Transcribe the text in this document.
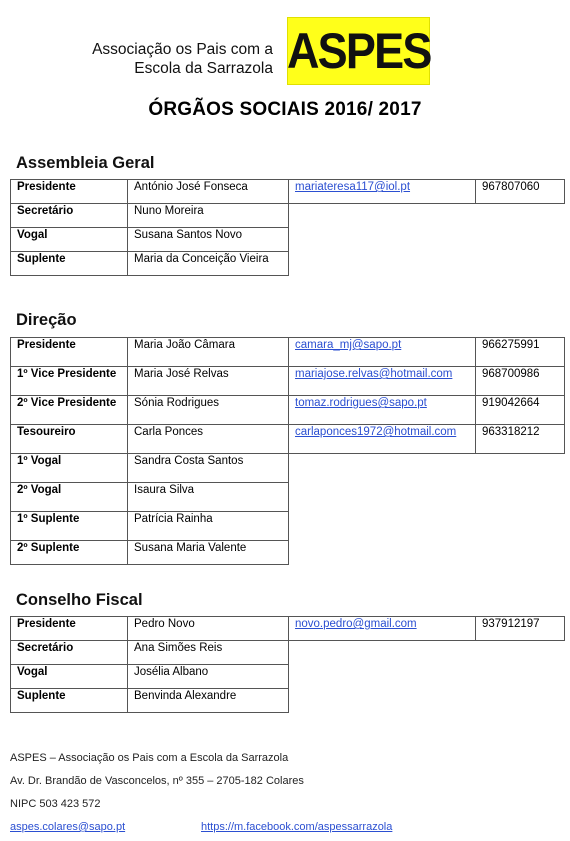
Associação os Pais com a
Escola da Sarrazola ASPES
ÓRGÃOS SOCIAIS 2016/ 2017
Assembleia Geral
Presidente	António José Fonseca	mariateresa117@iol.pt	967807060
Secretário	Nuno Moreira		
Vogal	Susana Santos Novo		
Suplente	Maria da Conceição Vieira		
Direção
Presidente	Maria João Câmara	camara_mj@sapo.pt	966275991
1º Vice Presidente	Maria José Relvas	mariajose.relvas@hotmail.com	968700986
2º Vice Presidente	Sónia Rodrigues	tomaz.rodrigues@sapo.pt	919042664
Tesoureiro	Carla Ponces	carlaponces1972@hotmail.com	963318212
1º Vogal	Sandra Costa Santos		
2º Vogal	Isaura Silva		
1º Suplente	Patrícia Rainha		
2º Suplente	Susana Maria Valente		
Conselho Fiscal
Presidente	Pedro Novo	novo.pedro@gmail.com	937912197
Secretário	Ana Simões Reis		
Vogal	Josélia Albano		
Suplente	Benvinda Alexandre		
ASPES – Associação os Pais com a Escola da Sarrazola
Av. Dr. Brandão de Vasconcelos, nº 355 – 2705-182 Colares
NIPC 503 423 572
aspes.colares@sapo.pt	https://m.facebook.com/aspessarrazola
